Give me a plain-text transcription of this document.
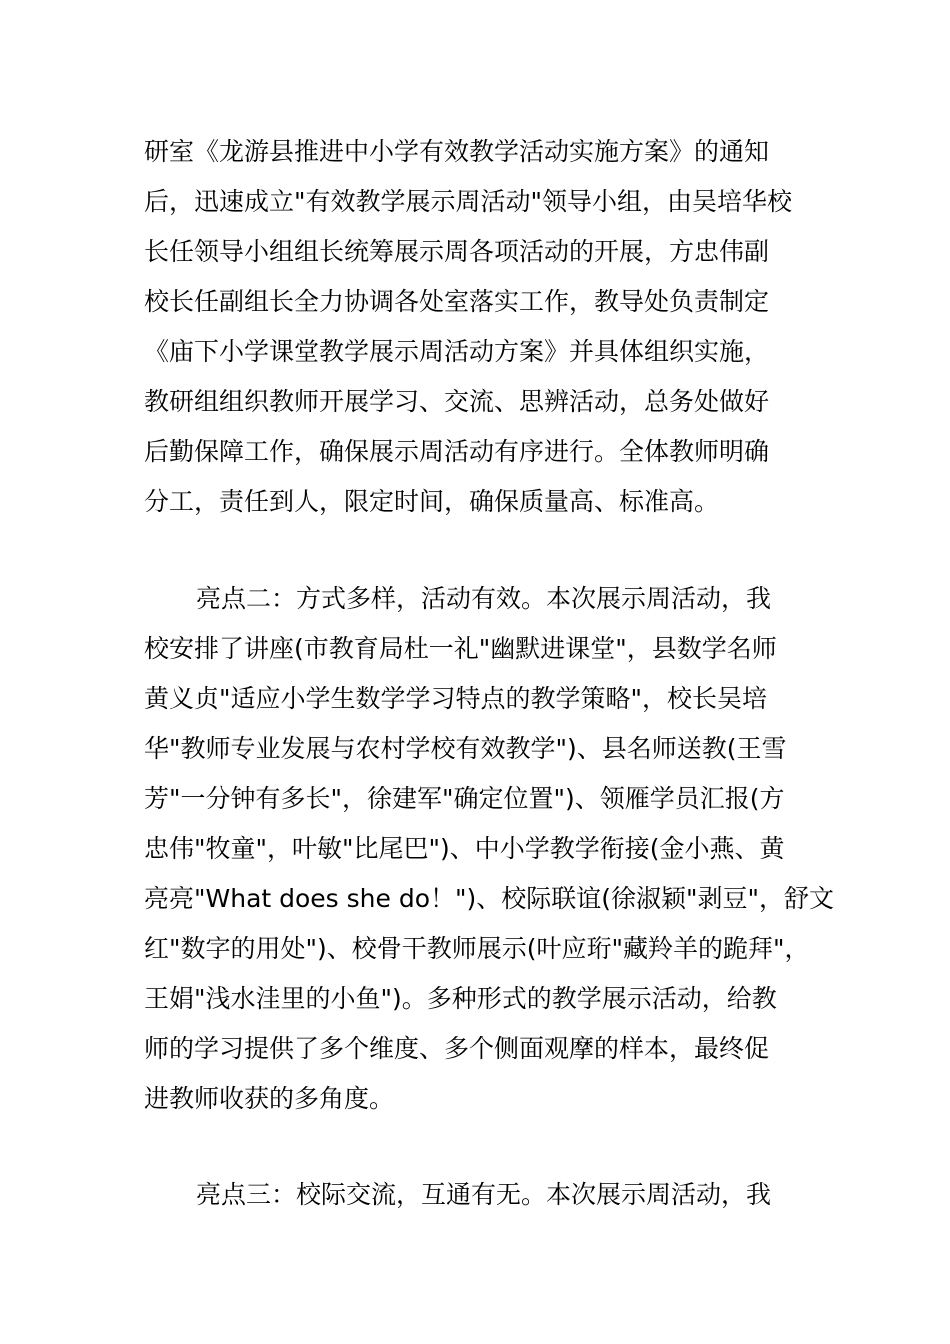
研室《龙游县推进中小学有效教学活动实施方案》的通知
后，迅速成立"有效教学展示周活动"领导小组，由吴培华校
长任领导小组组长统筹展示周各项活动的开展，方忠伟副
校长任副组长全力协调各处室落实工作，教导处负责制定
《庙下小学课堂教学展示周活动方案》并具体组织实施，
教研组组织教师开展学习、交流、思辨活动，总务处做好
后勤保障工作，确保展示周活动有序进行。全体教师明确
分工，责任到人，限定时间，确保质量高、标准高。
亮点二：方式多样，活动有效。本次展示周活动，我
校安排了讲座(市教育局杜一礼"幽默进课堂"，县数学名师
黄义贞"适应小学生数学学习特点的教学策略"，校长吴培
华"教师专业发展与农村学校有效教学")、县名师送教(王雪
芳"一分钟有多长"，徐建军"确定位置")、领雁学员汇报(方
忠伟"牧童"，叶敏"比尾巴")、中小学教学衔接(金小燕、黄
亮亮"What does she do！")、校际联谊(徐淑颖"剥豆"，舒文
红"数字的用处")、校骨干教师展示(叶应珩"藏羚羊的跪拜"，
王娟"浅水洼里的小鱼")。多种形式的教学展示活动，给教
师的学习提供了多个维度、多个侧面观摩的样本，最终促
进教师收获的多角度。
亮点三：校际交流，互通有无。本次展示周活动，我
